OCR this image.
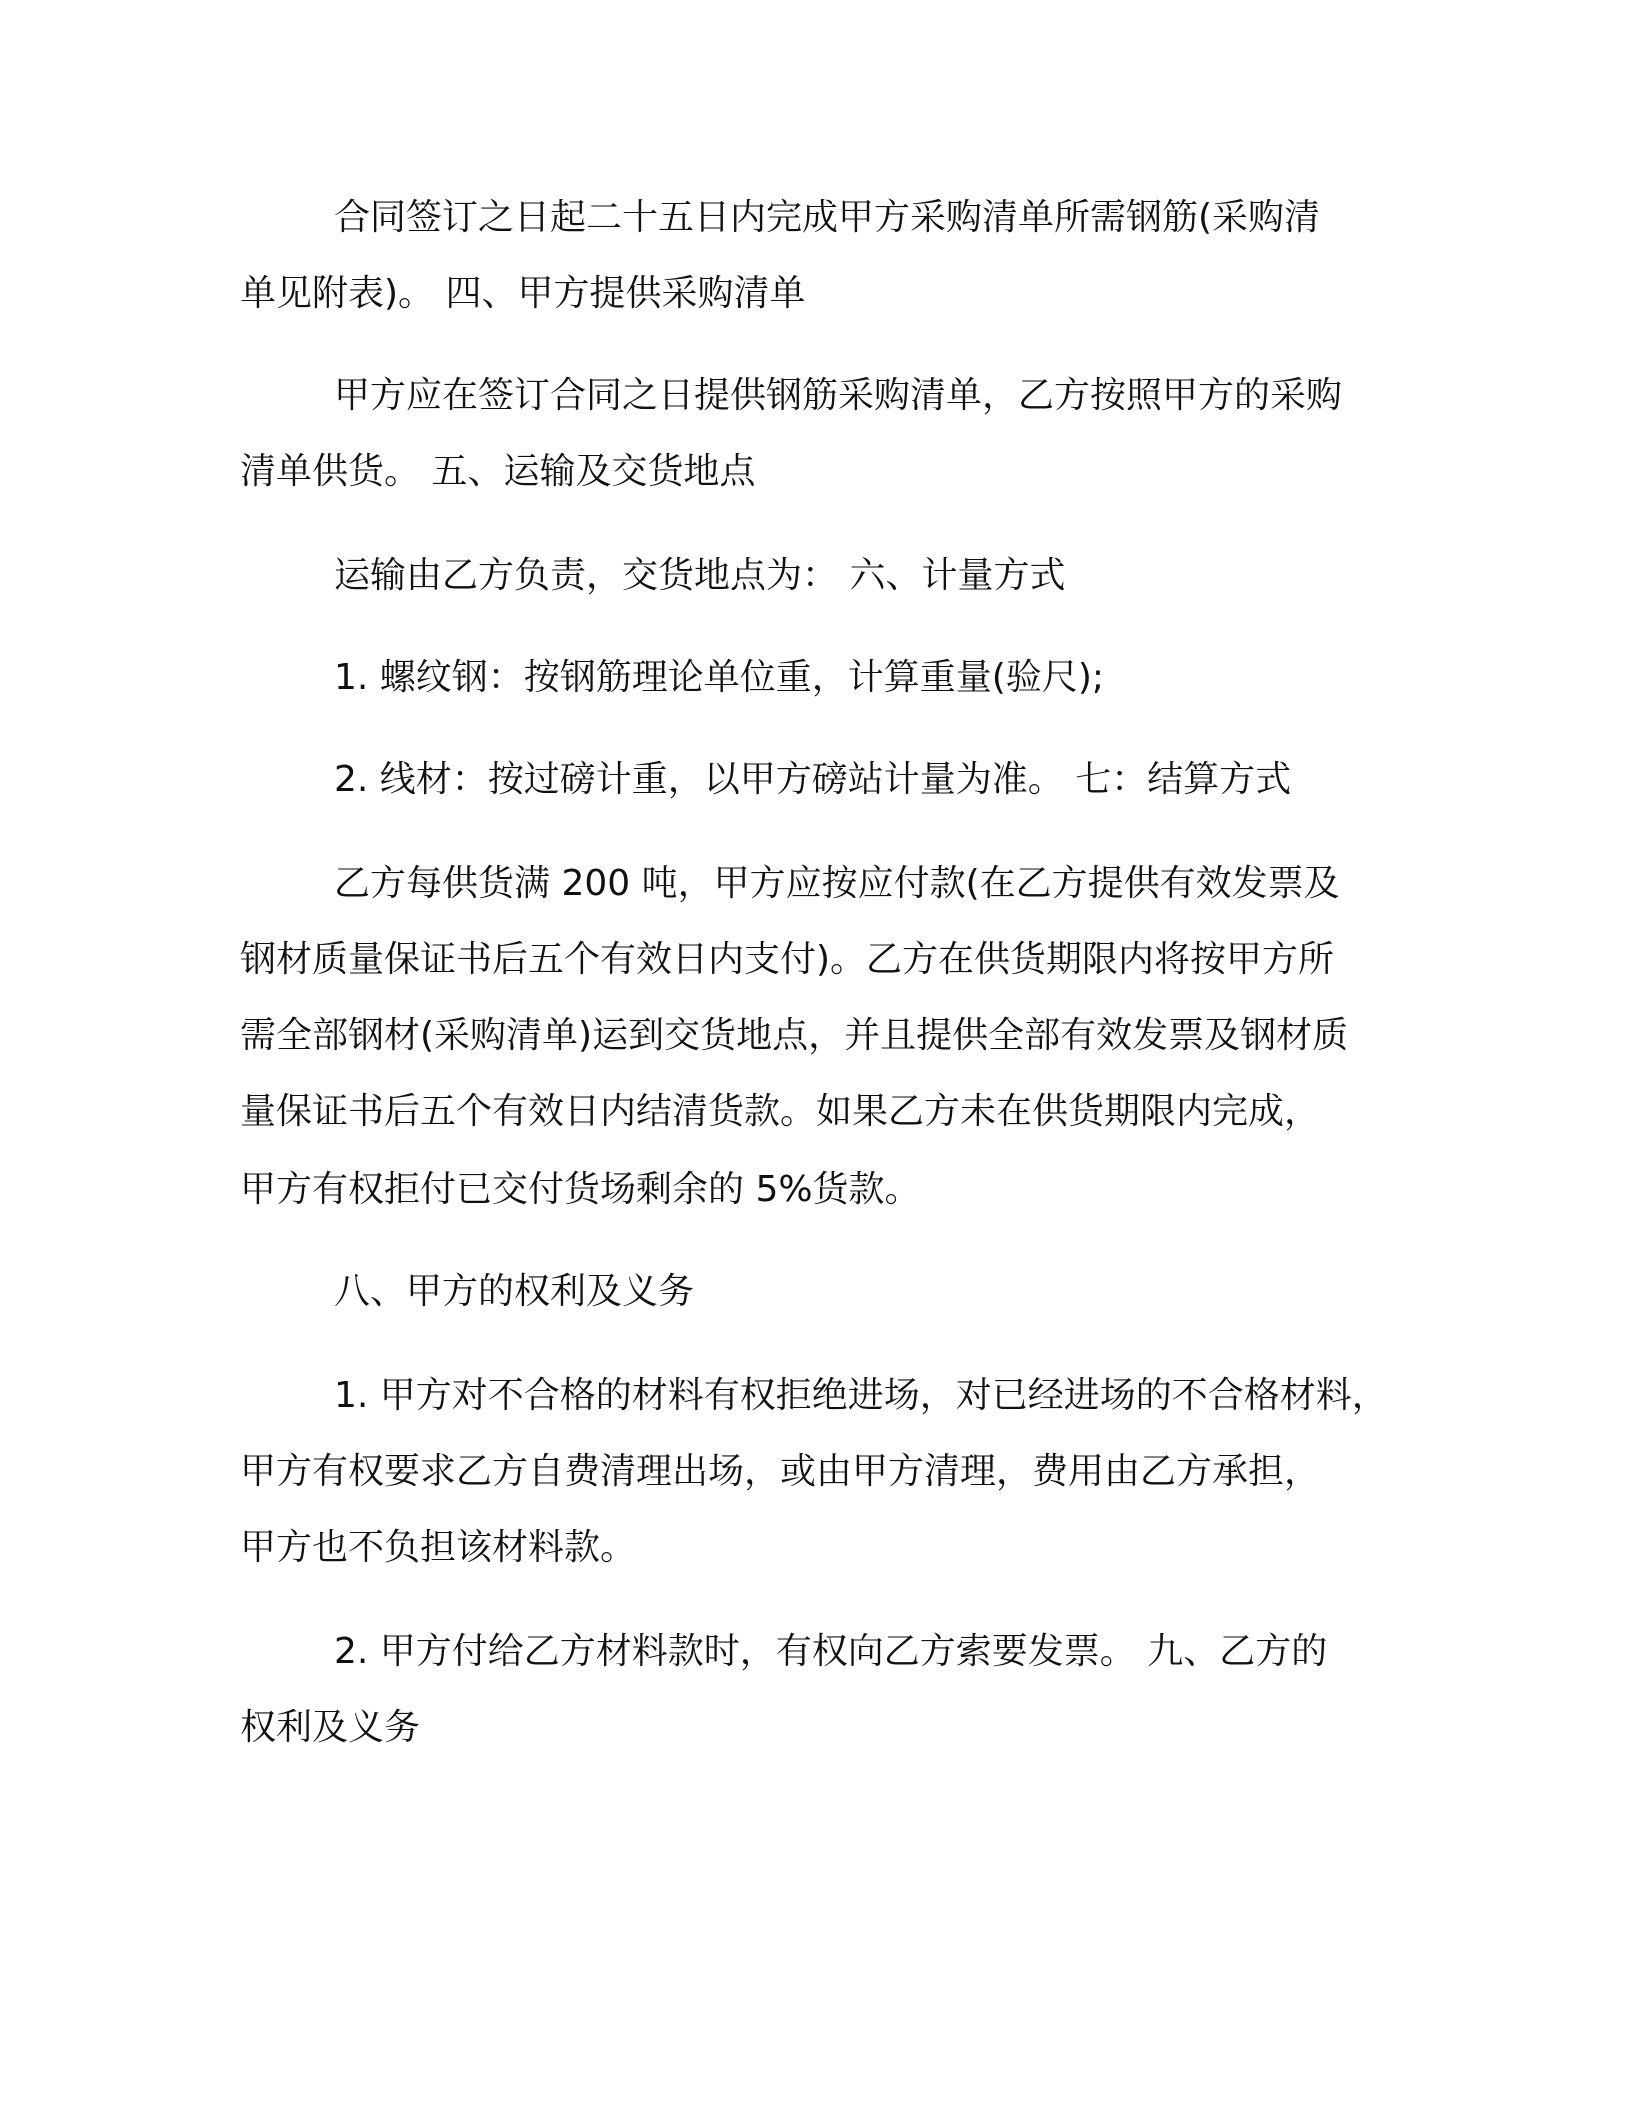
合同签订之日起二十五日内完成甲方采购清单所需钢筋(采购清
单见附表)。 四、甲方提供采购清单
甲方应在签订合同之日提供钢筋采购清单，乙方按照甲方的采购
清单供货。 五、运输及交货地点
运输由乙方负责，交货地点为： 六、计量方式
1. 螺纹钢：按钢筋理论单位重，计算重量(验尺);
2. 线材：按过磅计重，以甲方磅站计量为准。 七：结算方式
乙方每供货满 200 吨，甲方应按应付款(在乙方提供有效发票及
钢材质量保证书后五个有效日内支付)。乙方在供货期限内将按甲方所
需全部钢材(采购清单)运到交货地点，并且提供全部有效发票及钢材质
量保证书后五个有效日内结清货款。如果乙方未在供货期限内完成，
甲方有权拒付已交付货场剩余的 5%货款。
八、甲方的权利及义务
1. 甲方对不合格的材料有权拒绝进场，对已经进场的不合格材料，
甲方有权要求乙方自费清理出场，或由甲方清理，费用由乙方承担，
甲方也不负担该材料款。
2. 甲方付给乙方材料款时，有权向乙方索要发票。 九、乙方的
权利及义务
